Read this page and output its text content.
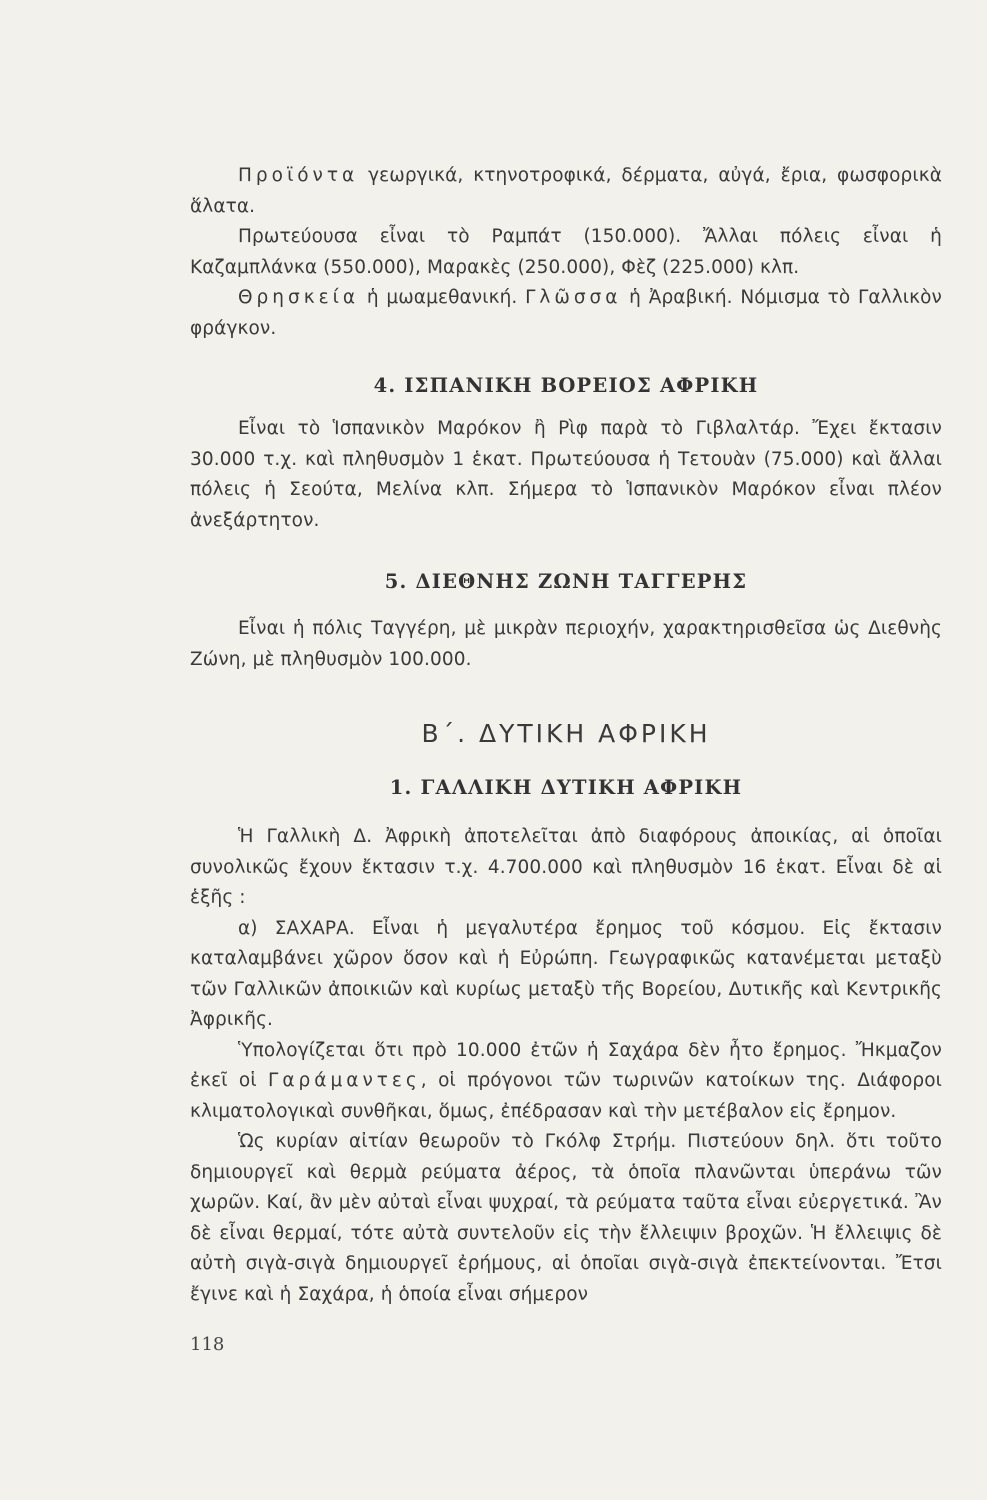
Προϊόντα γεωργικά, κτηνοτροφικά, δέρματα, αὐγά, ἔρια, φωσφορικὰ ἅλατα.

Πρωτεύουσα εἶναι τὸ Ραμπάτ (150.000). Ἄλλαι πόλεις εἶναι ἡ Καζαμπλάνκα (550.000), Μαρακὲς (250.000), Φὲζ (225.000) κλπ.

Θρησκεία ἡ μωαμεθανική. Γλῶσσα ἡ Ἀραβική. Νόμισμα τὸ Γαλλικὸν φράγκον.

4. ΙΣΠΑΝΙΚΗ ΒΟΡΕΙΟΣ ΑΦΡΙΚΗ

Εἶναι τὸ Ἱσπανικὸν Μαρόκον ἢ Ρὶφ παρὰ τὸ Γιβλαλτάρ. Ἔχει ἔκτασιν 30.000 τ.χ. καὶ πληθυσμὸν 1 ἑκατ. Πρωτεύουσα ἡ Τετουὰν (75.000) καὶ ἄλλαι πόλεις ἡ Σεούτα, Μελίνα κλπ. Σήμερα τὸ Ἱσπανικὸν Μαρόκον εἶναι πλέον ἀνεξάρτητον.

5. ΔΙΕΘΝΗΣ ΖΩΝΗ ΤΑΓΓΕΡΗΣ

Εἶναι ἡ πόλις Ταγγέρη, μὲ μικρὰν περιοχήν, χαρακτηρισθεῖσα ὡς Διεθνὴς Ζώνη, μὲ πληθυσμὸν 100.000.

Β΄. ΔΥΤΙΚΗ ΑΦΡΙΚΗ
1. ΓΑΛΛΙΚΗ ΔΥΤΙΚΗ ΑΦΡΙΚΗ

Ἡ Γαλλικὴ Δ. Ἀφρικὴ ἀποτελεῖται ἀπὸ διαφόρους ἀποικίας, αἱ ὁποῖαι συνολικῶς ἔχουν ἔκτασιν τ.χ. 4.700.000 καὶ πληθυσμὸν 16 ἑκατ. Εἶναι δὲ αἱ ἑξῆς :

α) ΣΑΧΑΡΑ. Εἶναι ἡ μεγαλυτέρα ἔρημος τοῦ κόσμου. Εἰς ἔκτασιν καταλαμβάνει χῶρον ὅσον καὶ ἡ Εὐρώπη. Γεωγραφικῶς κατανέμεται μεταξὺ τῶν Γαλλικῶν ἀποικιῶν καὶ κυρίως μεταξὺ τῆς Βορείου, Δυτικῆς καὶ Κεντρικῆς Ἀφρικῆς.

Ὑπολογίζεται ὅτι πρὸ 10.000 ἐτῶν ἡ Σαχάρα δὲν ἦτο ἔρημος. Ἤκμαζον ἐκεῖ οἱ Γαράμαντες, οἱ πρόγονοι τῶν τωρινῶν κατοίκων της. Διάφοροι κλιματολογικαὶ συνθῆκαι, ὅμως, ἐπέδρασαν καὶ τὴν μετέβαλον εἰς ἔρημον.

Ὡς κυρίαν αἰτίαν θεωροῦν τὸ Γκόλφ Στρήμ. Πιστεύουν δηλ. ὅτι τοῦτο δημιουργεῖ καὶ θερμὰ ρεύματα ἀέρος, τὰ ὁποῖα πλανῶνται ὑπεράνω τῶν χωρῶν. Καί, ἂν μὲν αὐταὶ εἶναι ψυχραί, τὰ ρεύματα ταῦτα εἶναι εὐεργετικά. Ἂν δὲ εἶναι θερμαί, τότε αὐτὰ συντελοῦν εἰς τὴν ἔλλειψιν βροχῶν. Ἡ ἔλλειψις δὲ αὐτὴ σιγὰ-σιγὰ δημιουργεῖ ἐρήμους, αἱ ὁποῖαι σιγὰ-σιγὰ ἐπεκτείνονται. Ἔτσι ἔγινε καὶ ἡ Σαχάρα, ἡ ὁποία εἶναι σήμερον

118
